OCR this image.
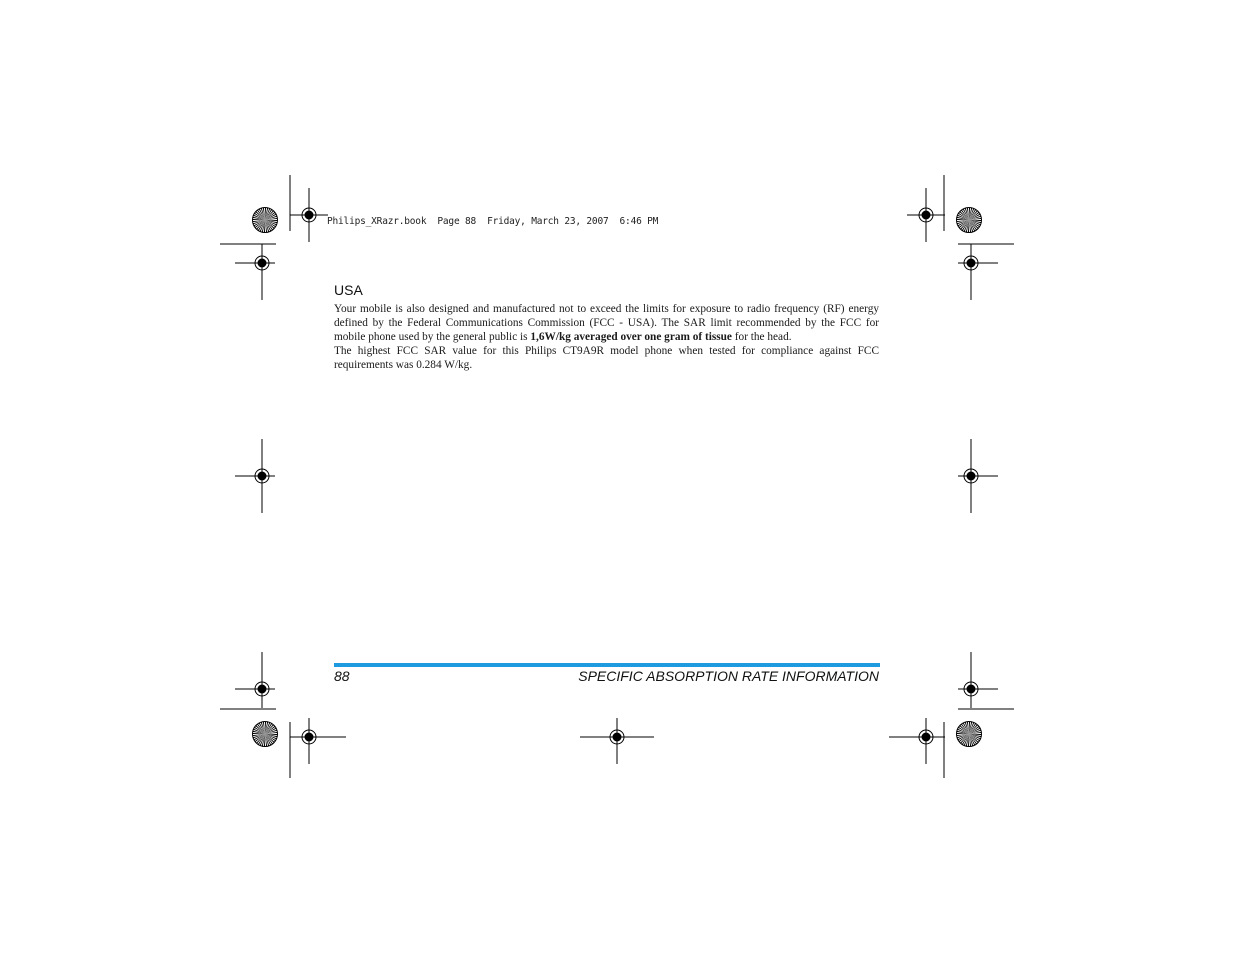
Philips_XRazr.book  Page 88  Friday, March 23, 2007  6:46 PM
USA

Your mobile is also designed and manufactured not to exceed the limits for exposure to radio frequency (RF) energy defined by the Federal Communications Commission (FCC - USA). The SAR limit recommended by the FCC for mobile phone used by the general public is 1,6W/kg averaged over one gram of tissue for the head.

The highest FCC SAR value for this Philips CT9A9R model phone when tested for compliance against FCC requirements was 0.284 W/kg.

88	SPECIFIC ABSORPTION RATE INFORMATION
